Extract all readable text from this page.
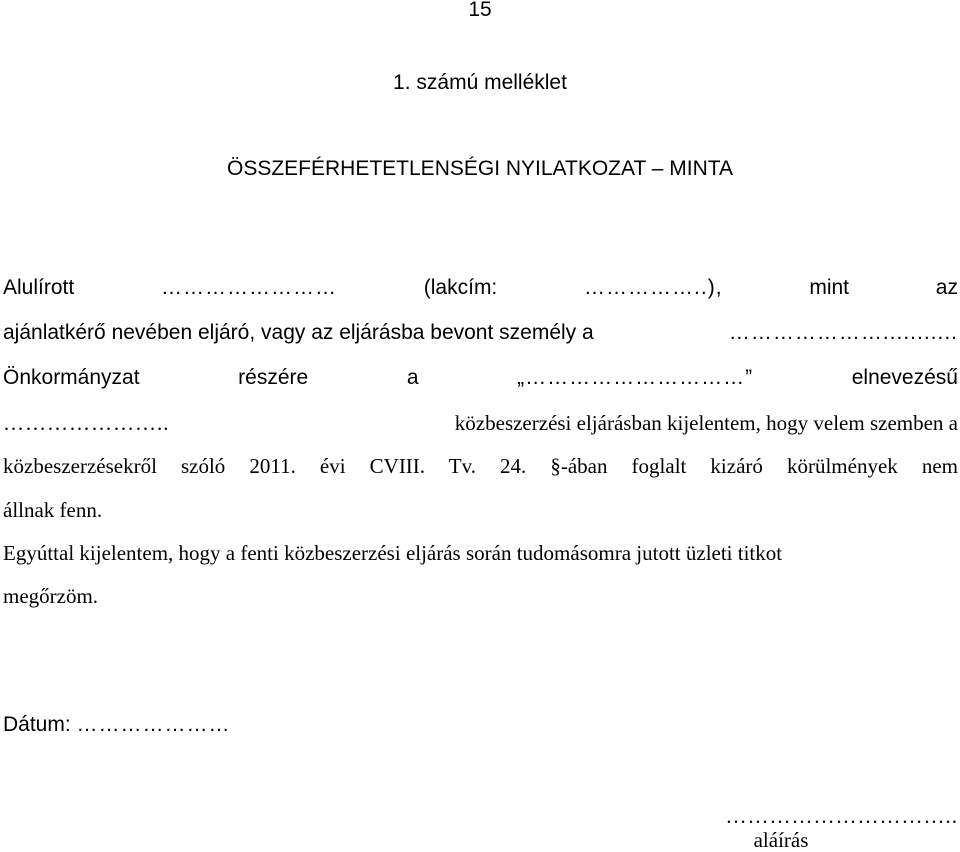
15
1. számú melléklet
ÖSSZEFÉRHETETLENSÉGI NYILATKOZAT – MINTA
Alulírott	……………………	(lakcím:	……………..),	mint	az
ajánlatkérő nevében eljáró, vagy az eljárásba bevont személy a	…………………...........
Önkormányzat	részére	a	„…………………………”	elnevezésű
…………………..	közbeszerzési eljárásban kijelentem, hogy velem szemben a
közbeszerzésekről szóló 2011. évi CVIII. Tv. 24. §-ában foglalt kizáró körülmények nem
állnak fenn.
Egyúttal kijelentem, hogy a fenti közbeszerzési eljárás során tudomásomra jutott üzleti titkot
megőrzöm.
Dátum: …………………
…………………………..
aláírás
